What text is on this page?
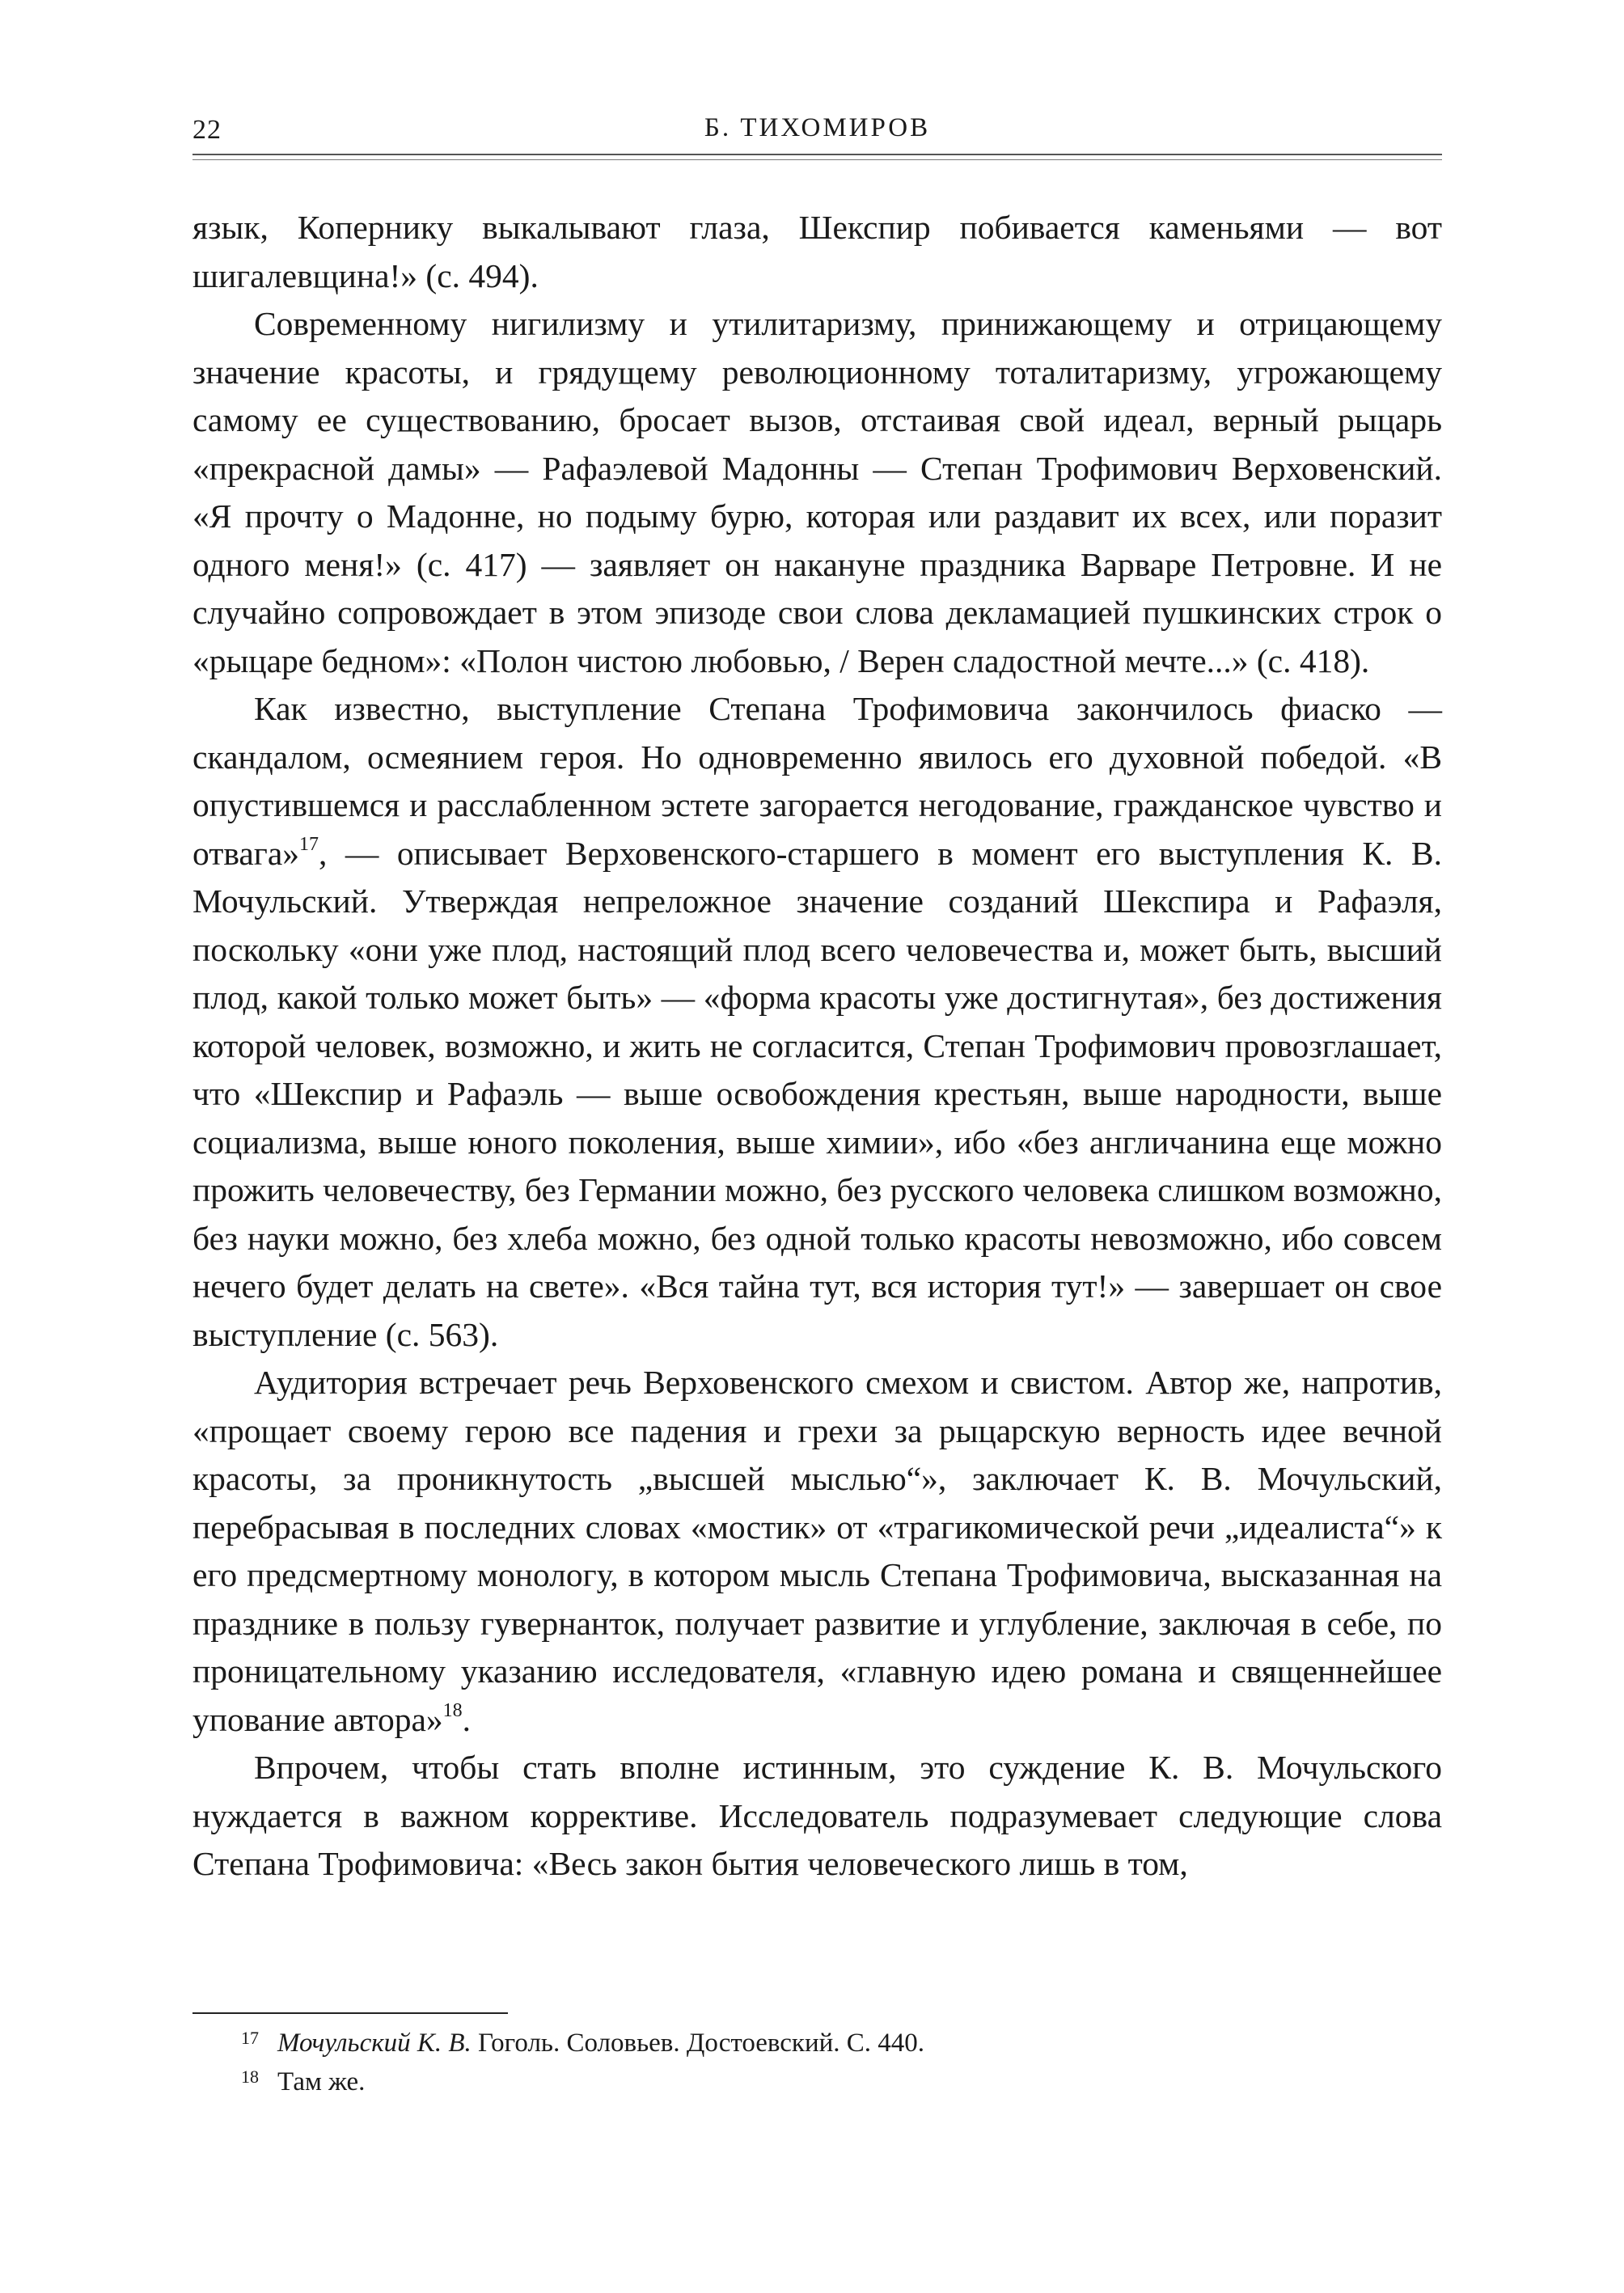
22	Б. ТИХОМИРОВ

язык, Копернику выкалывают глаза, Шекспир побивается каменьями — вот шигалевщина!» (с. 494).

Современному нигилизму и утилитаризму, принижающему и отрицающему значение красоты, и грядущему революционному тоталитаризму, угрожающему самому ее существованию, бросает вызов, отстаивая свой идеал, верный рыцарь «прекрасной дамы» — Рафаэлевой Мадонны — Степан Трофимович Верховенский. «Я прочту о Мадонне, но подыму бурю, которая или раздавит их всех, или поразит одного меня!» (с. 417) — заявляет он накануне праздника Варваре Петровне. И не случайно сопровождает в этом эпизоде свои слова декламацией пушкинских строк о «рыцаре бедном»: «Полон чистою любовью, / Верен сладостной мечте...» (с. 418).

Как известно, выступление Степана Трофимовича закончилось фиаско — скандалом, осмеянием героя. Но одновременно явилось его духовной победой. «В опустившемся и расслабленном эстете загорается негодование, гражданское чувство и отвага»$^{17}$, — описывает Верховенского-старшего в момент его выступления К. В. Мочульский. Утверждая непреложное значение созданий Шекспира и Рафаэля, поскольку «они уже плод, настоящий плод всего человечества и, может быть, высший плод, какой только может быть» — «форма красоты уже достигнутая», без достижения которой человек, возможно, и жить не согласится, Степан Трофимович провозглашает, что «Шекспир и Рафаэль — выше освобождения крестьян, выше народности, выше социализма, выше юного поколения, выше химии», ибо «без англичанина еще можно прожить человечеству, без Германии можно, без русского человека слишком возможно, без науки можно, без хлеба можно, без одной только красоты невозможно, ибо совсем нечего будет делать на свете». «Вся тайна тут, вся история тут!» — завершает он свое выступление (с. 563).

Аудитория встречает речь Верховенского смехом и свистом. Автор же, напротив, «прощает своему герою все падения и грехи за рыцарскую верность идее вечной красоты, за проникнутость „высшей мыслью“», заключает К. В. Мочульский, перебрасывая в последних словах «мостик» от «трагикомической речи „идеалиста“» к его предсмертному монологу, в котором мысль Степана Трофимовича, высказанная на празднике в пользу гувернанток, получает развитие и углубление, заключая в себе, по проницательному указанию исследователя, «главную идею романа и священнейшее упование автора»$^{18}$.

Впрочем, чтобы стать вполне истинным, это суждение К. В. Мочульского нуждается в важном коррективе. Исследователь подразумевает следующие слова Степана Трофимовича: «Весь закон бытия человеческого лишь в том,

17 Мочульский К. В. Гоголь. Соловьев. Достоевский. С. 440.
18 Там же.
